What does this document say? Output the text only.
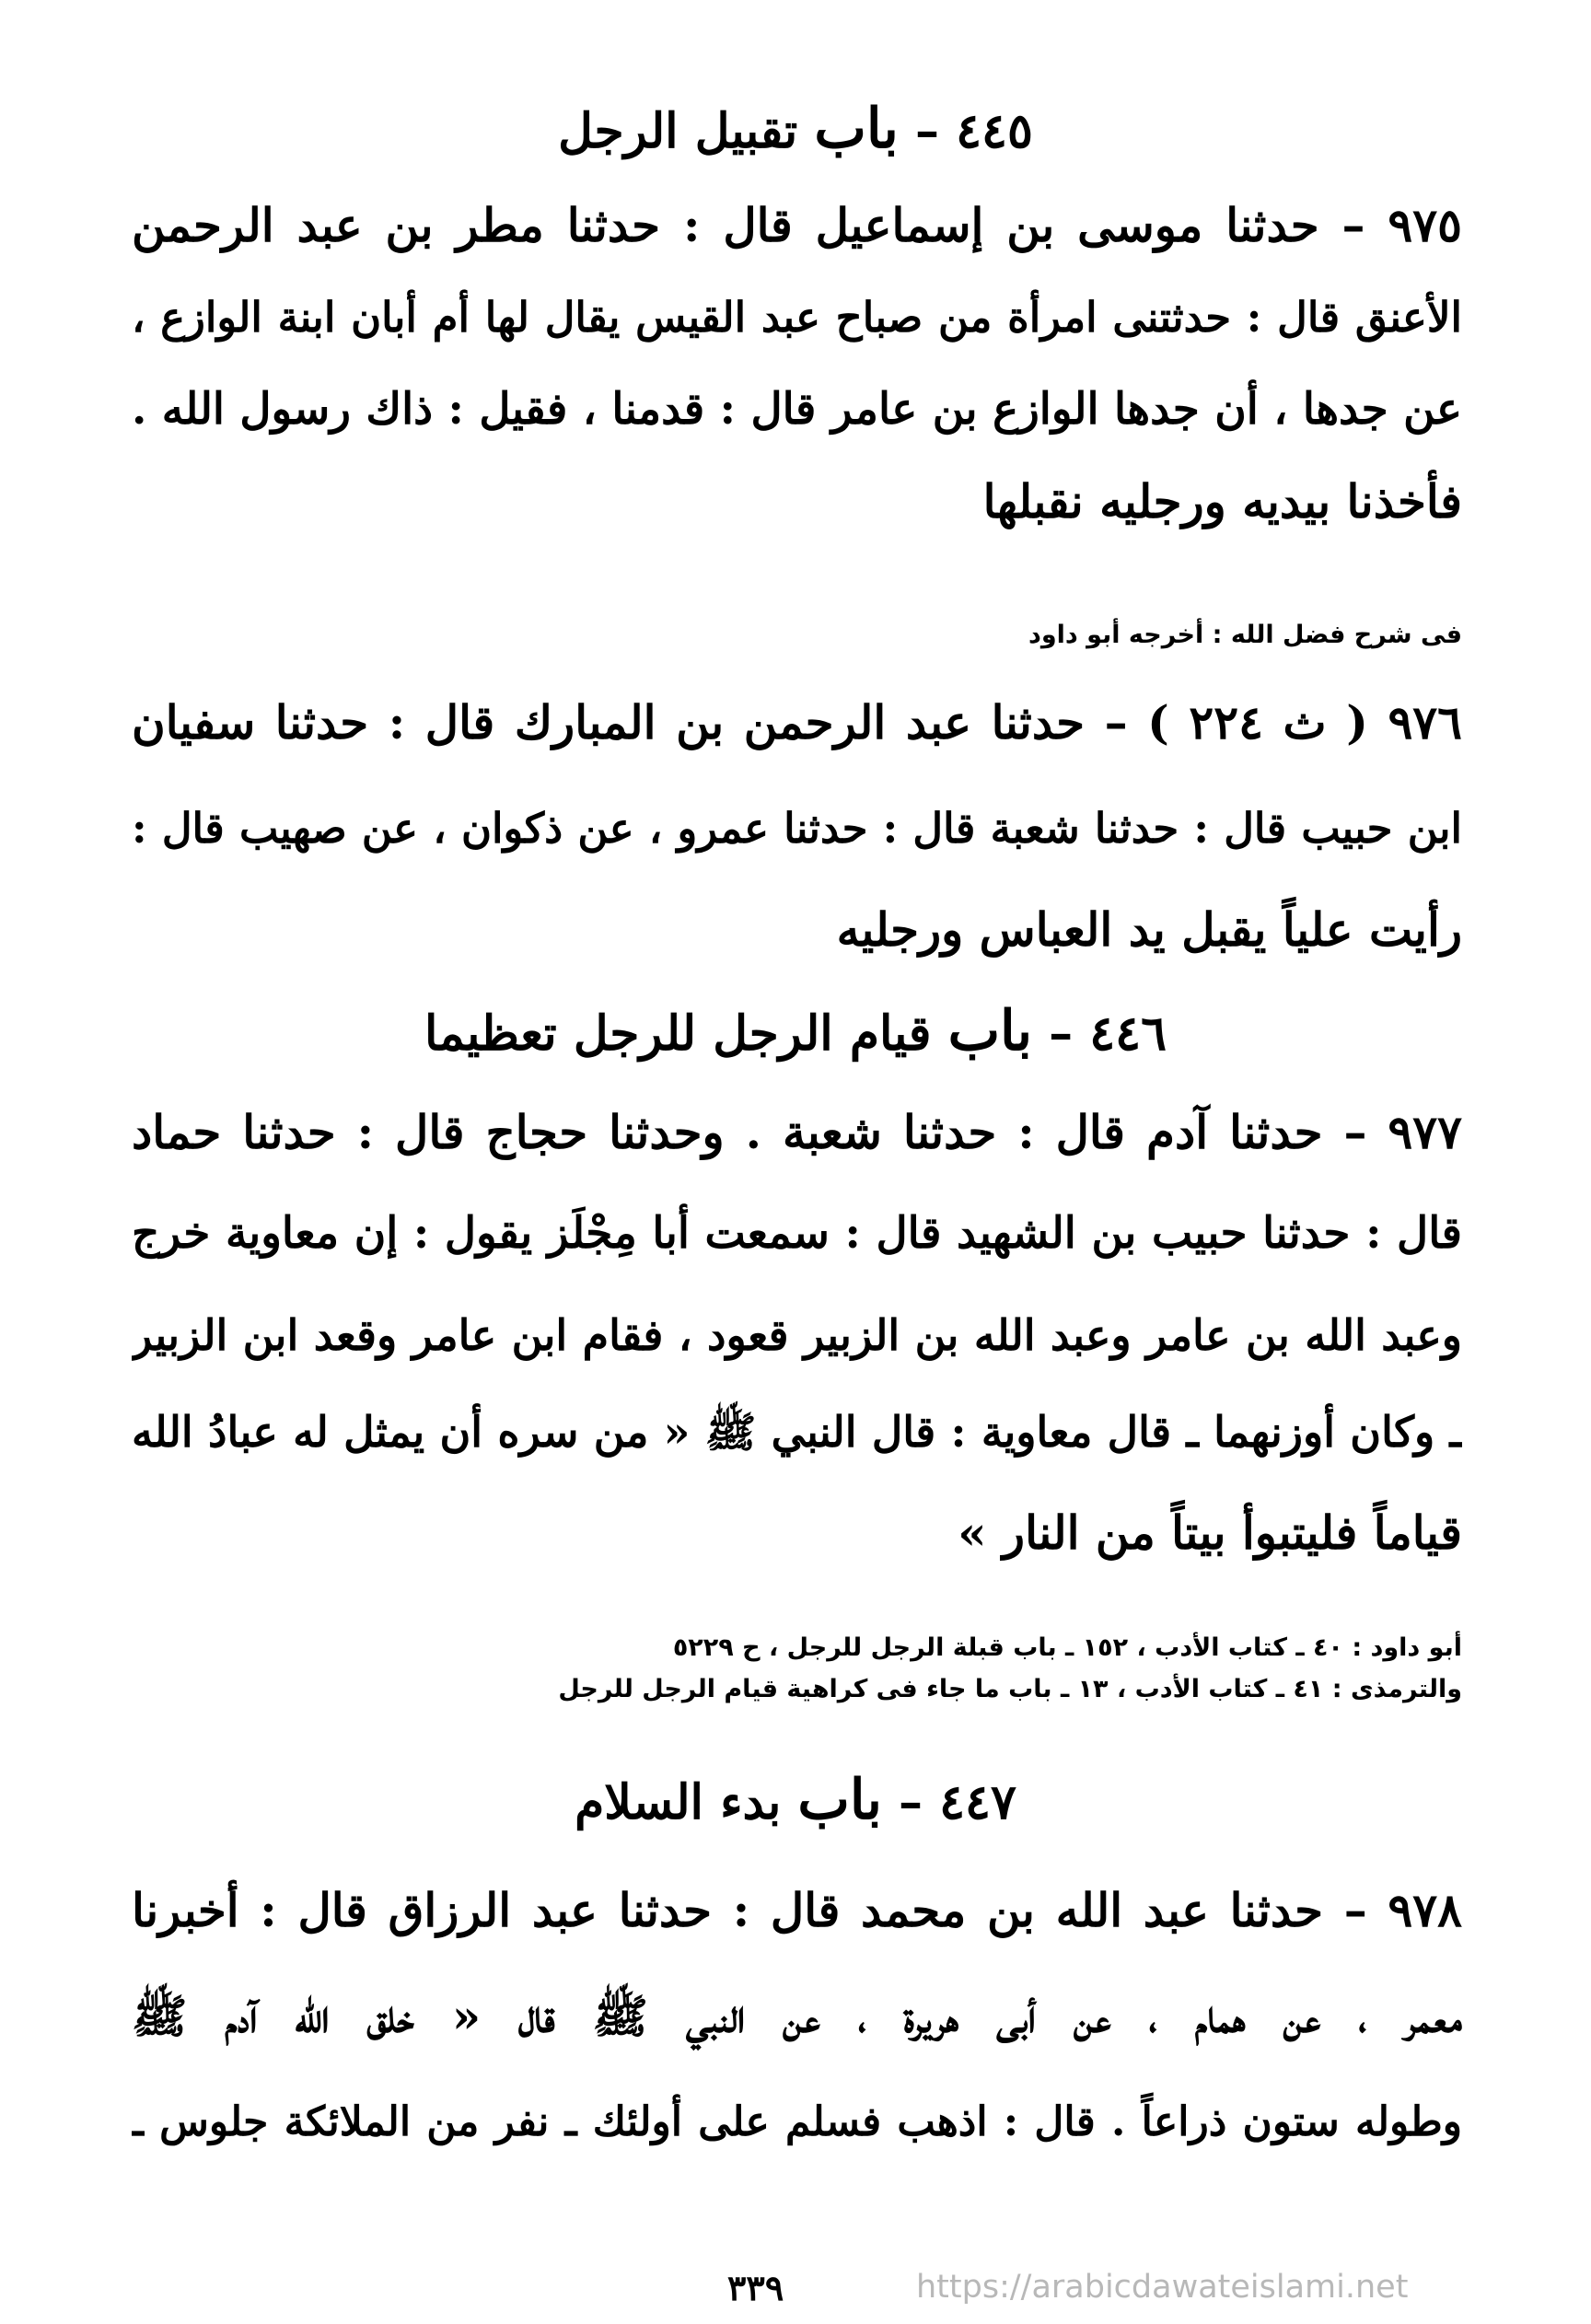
٤٤٥ – باب تقبيل الرجل
٩٧٥ – حدثنا موسى بن إسماعيل قال : حدثنا مطر بن عبد الرحمن
الأعنق قال : حدثتنى امرأة من صباح عبد القيس يقال لها أم أبان ابنة الوازع ،
عن جدها ، أن جدها الوازع بن عامر قال : قدمنا ، فقيل : ذاك رسول الله .
فأخذنا بيديه ورجليه نقبلها
فى شرح فضل الله : أخرجه أبو داود
٩٧٦ ( ث ٢٢٤ ) – حدثنا عبد الرحمن بن المبارك قال : حدثنا سفيان
ابن حبيب قال : حدثنا شعبة قال : حدثنا عمرو ، عن ذكوان ، عن صهيب قال :
رأيت علياً يقبل يد العباس ورجليه
٤٤٦ – باب قيام الرجل للرجل تعظيما
٩٧٧ – حدثنا آدم قال : حدثنا شعبة . وحدثنا حجاج قال : حدثنا حماد
قال : حدثنا حبيب بن الشهيد قال : سمعت أبا مِجْلَز يقول : إن معاوية خرج
وعبد الله بن عامر وعبد الله بن الزبير قعود ، فقام ابن عامر وقعد ابن الزبير
ـ وكان أوزنهما ـ قال معاوية : قال النبي ﷺ « من سره أن يمثل له عبادُ الله
قياماً فليتبوأ بيتاً من النار »
أبو داود : ٤٠ ـ كتاب الأدب ، ١٥٢ ـ باب قبلة الرجل للرجل ، ح ٥٢٢٩
والترمذى : ٤١ ـ كتاب الأدب ، ١٣ ـ باب ما جاء فى كراهية قيام الرجل للرجل
٤٤٧ – باب بدء السلام
٩٧٨ – حدثنا عبد الله بن محمد قال : حدثنا عبد الرزاق قال : أخبرنا
معمر ، عن همام ، عن أبى هريرة ، عن النبي ﷺ قال « خلق الله آدم ﷺ
وطوله ستون ذراعاً . قال : اذهب فسلم على أولئك ـ نفر من الملائكة جلوس ـ
٣٣٩	https://arabicdawateislami.net
